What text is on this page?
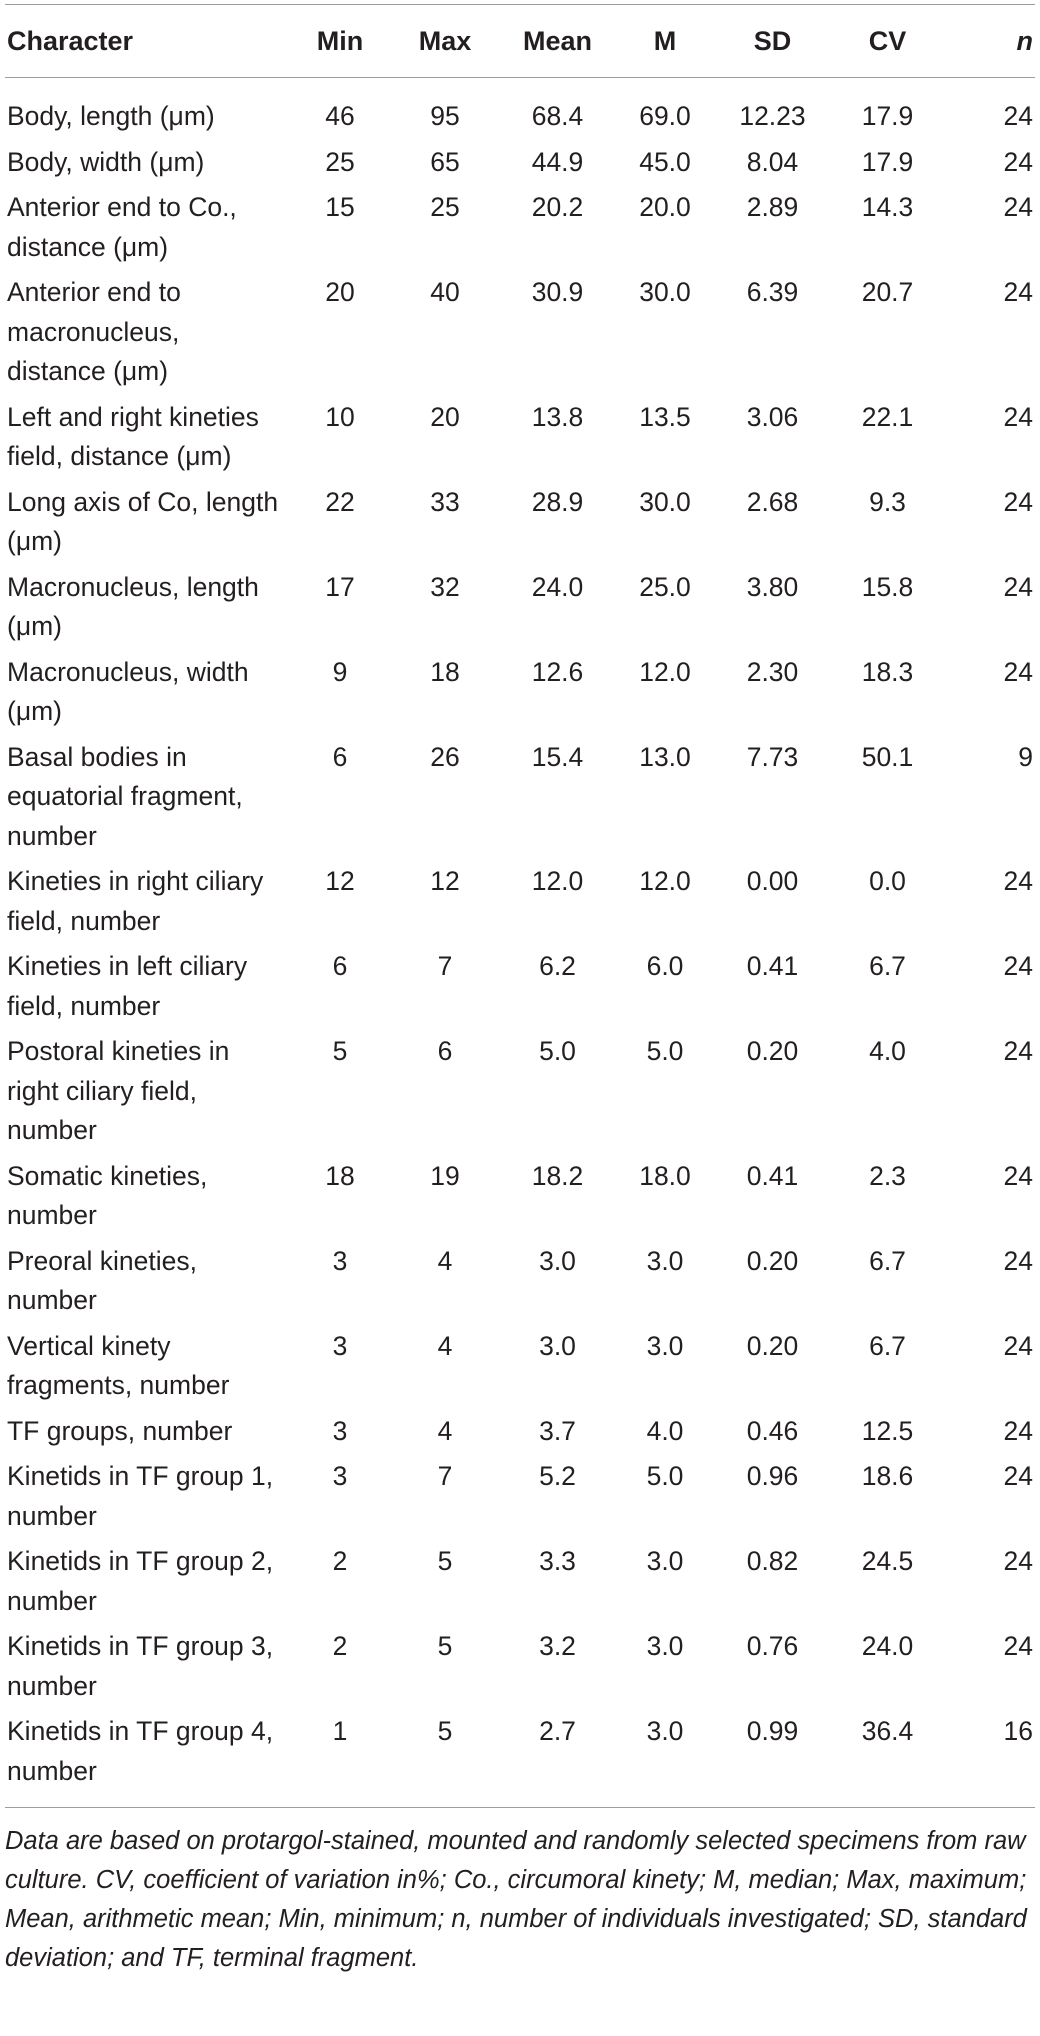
Character	Min	Max	Mean	M	SD	CV	n
Body, length (μm)	46	95	68.4	69.0	12.23	17.9	24
Body, width (μm)	25	65	44.9	45.0	8.04	17.9	24
Anterior end to Co., distance (μm)	15	25	20.2	20.0	2.89	14.3	24
Anterior end to macronucleus, distance (μm)	20	40	30.9	30.0	6.39	20.7	24
Left and right kineties field, distance (μm)	10	20	13.8	13.5	3.06	22.1	24
Long axis of Co, length (μm)	22	33	28.9	30.0	2.68	9.3	24
Macronucleus, length (μm)	17	32	24.0	25.0	3.80	15.8	24
Macronucleus, width (μm)	9	18	12.6	12.0	2.30	18.3	24
Basal bodies in equatorial fragment, number	6	26	15.4	13.0	7.73	50.1	9
Kineties in right ciliary field, number	12	12	12.0	12.0	0.00	0.0	24
Kineties in left ciliary field, number	6	7	6.2	6.0	0.41	6.7	24
Postoral kineties in right ciliary field, number	5	6	5.0	5.0	0.20	4.0	24
Somatic kineties, number	18	19	18.2	18.0	0.41	2.3	24
Preoral kineties, number	3	4	3.0	3.0	0.20	6.7	24
Vertical kinety fragments, number	3	4	3.0	3.0	0.20	6.7	24
TF groups, number	3	4	3.7	4.0	0.46	12.5	24
Kinetids in TF group 1, number	3	7	5.2	5.0	0.96	18.6	24
Kinetids in TF group 2, number	2	5	3.3	3.0	0.82	24.5	24
Kinetids in TF group 3, number	2	5	3.2	3.0	0.76	24.0	24
Kinetids in TF group 4, number	1	5	2.7	3.0	0.99	36.4	16
Data are based on protargol-stained, mounted and randomly selected specimens from raw culture. CV, coefficient of variation in%; Co., circumoral kinety; M, median; Max, maximum; Mean, arithmetic mean; Min, minimum; n, number of individuals investigated; SD, standard deviation; and TF, terminal fragment.
